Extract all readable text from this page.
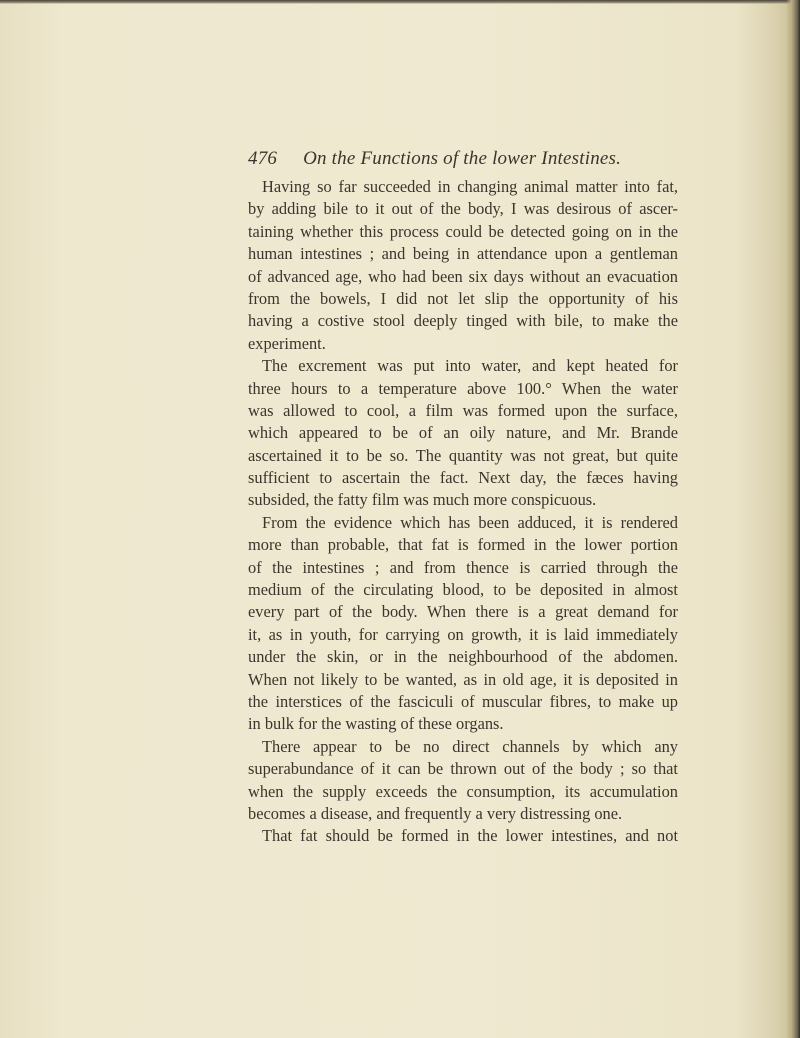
476 On the Functions of the lower Intestines.
Having so far succeeded in changing animal matter into fat,
by adding bile to it out of the body, I was desirous of ascer-
taining whether this process could be detected going on in the
human intestines ; and being in attendance upon a gentleman
of advanced age, who had been six days without an evacuation
from the bowels, I did not let slip the opportunity of his
having a costive stool deeply tinged with bile, to make the
experiment.
The excrement was put into water, and kept heated for
three hours to a temperature above 100.° When the water
was allowed to cool, a film was formed upon the surface,
which appeared to be of an oily nature, and Mr. Brande
ascertained it to be so. The quantity was not great, but quite
sufficient to ascertain the fact. Next day, the fæces having
subsided, the fatty film was much more conspicuous.
From the evidence which has been adduced, it is rendered
more than probable, that fat is formed in the lower portion
of the intestines ; and from thence is carried through the
medium of the circulating blood, to be deposited in almost
every part of the body. When there is a great demand for
it, as in youth, for carrying on growth, it is laid immediately
under the skin, or in the neighbourhood of the abdomen.
When not likely to be wanted, as in old age, it is deposited in
the interstices of the fasciculi of muscular fibres, to make up
in bulk for the wasting of these organs.
There appear to be no direct channels by which any
superabundance of it can be thrown out of the body ; so that
when the supply exceeds the consumption, its accumulation
becomes a disease, and frequently a very distressing one.
That fat should be formed in the lower intestines, and not
